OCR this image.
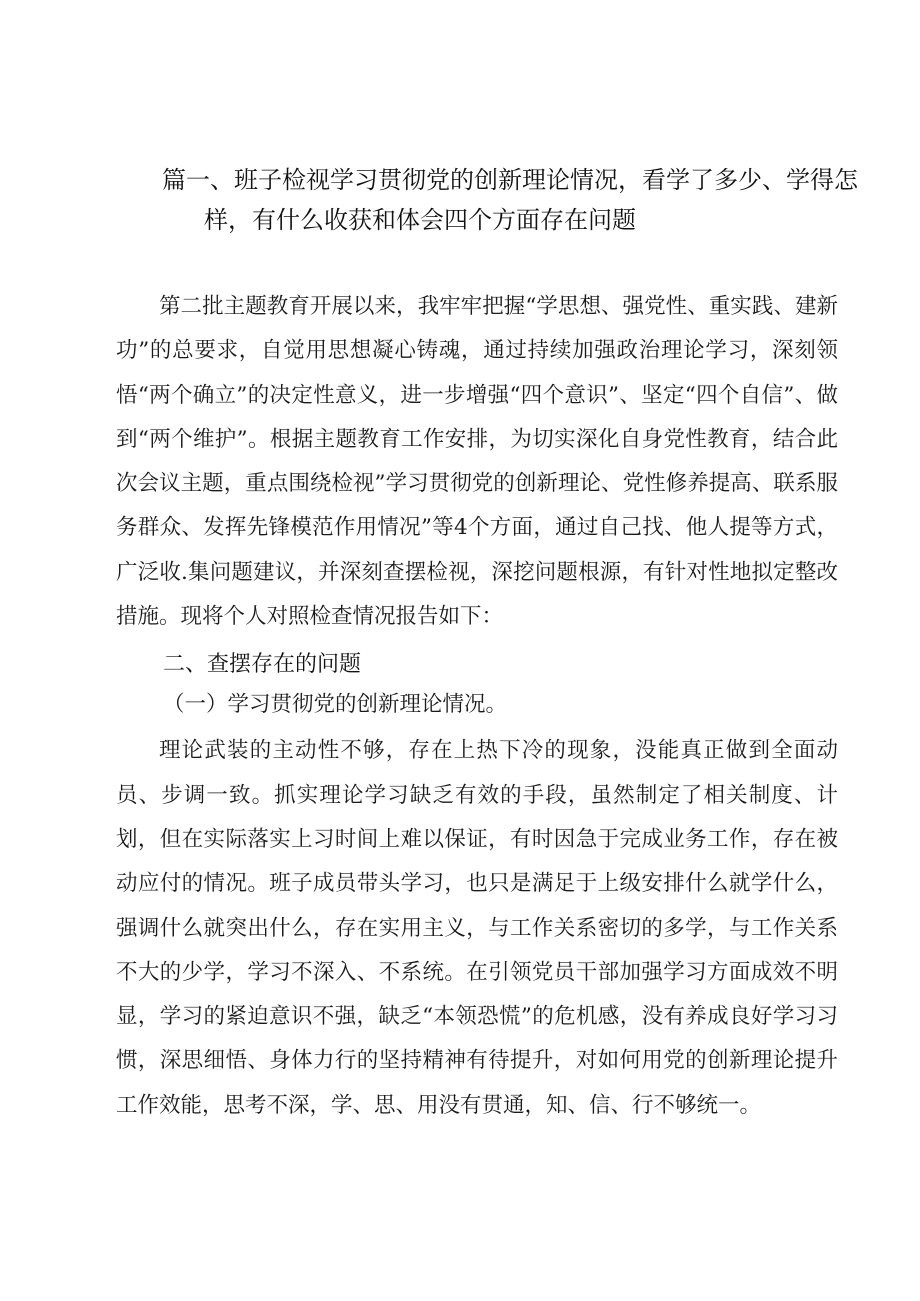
篇一、班子检视学习贯彻党的创新理论情况，看学了多少、学得怎
样，有什么收获和体会四个方面存在问题

第二批主题教育开展以来，我牢牢把握“学思想、强党性、重实践、建新功”的总要求，自觉用思想凝心铸魂，通过持续加强政治理论学习，深刻领悟“两个确立”的决定性意义，进一步增强“四个意识”、坚定“四个自信”、做到“两个维护”。根据主题教育工作安排，为切实深化自身党性教育，结合此次会议主题，重点围绕检视”学习贯彻党的创新理论、党性修养提高、联系服务群众、发挥先锋模范作用情况”等4个方面，通过自己找、他人提等方式，广泛收.集问题建议，并深刻查摆检视，深挖问题根源，有针对性地拟定整改措施。现将个人对照检查情况报告如下：

二、查摆存在的问题

（一）学习贯彻党的创新理论情况。

理论武装的主动性不够，存在上热下冷的现象，没能真正做到全面动员、步调一致。抓实理论学习缺乏有效的手段，虽然制定了相关制度、计划，但在实际落实上习时间上难以保证，有时因急于完成业务工作，存在被动应付的情况。班子成员带头学习，也只是满足于上级安排什么就学什么，强调什么就突出什么，存在实用主义，与工作关系密切的多学，与工作关系不大的少学，学习不深入、不系统。在引领党员干部加强学习方面成效不明显，学习的紧迫意识不强，缺乏“本领恐慌”的危机感，没有养成良好学习习惯，深思细悟、身体力行的坚持精神有待提升，对如何用党的创新理论提升工作效能，思考不深，学、思、用没有贯通，知、信、行不够统一。
